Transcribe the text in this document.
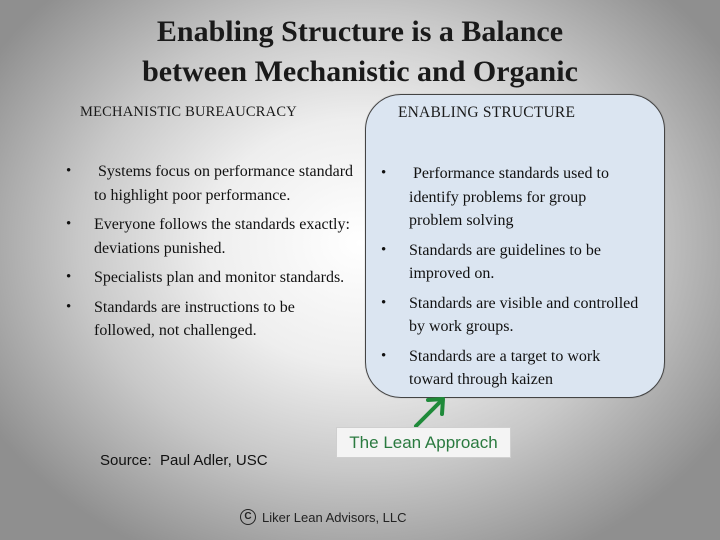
Enabling Structure is a Balance
between Mechanistic and Organic
MECHANISTIC BUREAUCRACY	ENABLING STRUCTURE
• Systems focus on performance standard to highlight poor performance.
• Everyone follows the standards exactly: deviations punished.
• Specialists plan and monitor standards.
• Standards are instructions to be followed, not challenged.
• Performance standards used to identify problems for group problem solving
• Standards are guidelines to be improved on.
• Standards are visible and controlled by work groups.
• Standards are a target to work toward through kaizen
The Lean Approach
Source:  Paul Adler, USC
C Liker Lean Advisors, LLC
